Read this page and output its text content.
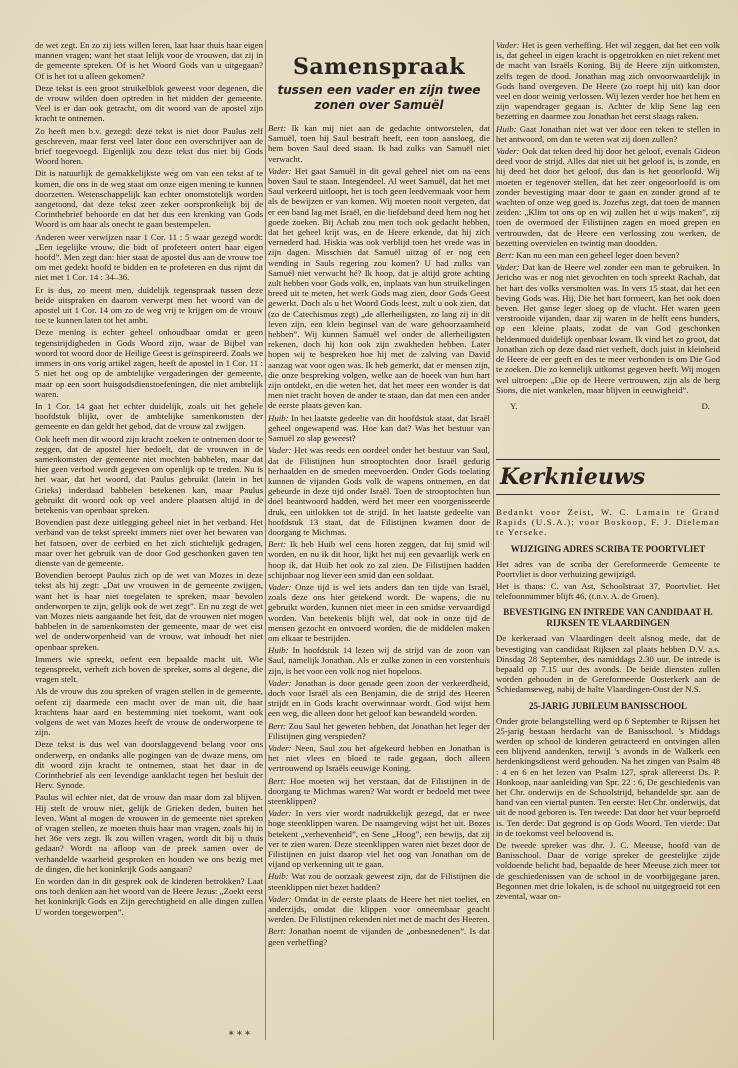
de wet zegt. En zo zij iets willen leren, laat haar thuis haar eigen mannen vragen; want het staat lelijk voor de vrouwen, dat zij in de gemeente spreken. Of is het Woord Gods van u uitgegaan? Of is het tot u alleen gekomen?

Deze tekst is een groot struikelblok geweest voor degenen, die de vrouw wilden doen optreden in het midden der gemeente. Veel is er dan ook getracht, om dit woord van de apostel zijn kracht te ontnemen.

Zo heeft men b.v. gezegd: deze tekst is niet door Paulus zelf geschreven, maar ferst veel later door een overschrijver aan de brief toegevoegd. Eigenlijk zou deze tekst dus niet bij Gods Woord horen.

Dit is natuurlijk de gemakkelijkste weg om van een tekst af te komen, die ons in de weg staat om onze eigen mening te kunnen doorzetten. Wetenschappelijk kan echter onomstotelijk worden aangetoond, dat deze tekst zeer zeker oorspronkelijk bij de Corinthebrief behoorde en dat het dus een krenking van Gods Woord is om haar als onecht te gaan bestempelen.

Anderen weer verwijzen naar 1 Cor. 11 : 5 waar gezegd wordt: „Een iegelijke vrouw, die bidt of profeteert ontert haar eigen hoofd”. Men zegt dan: hier staat de apostel dus aan de vrouw toe om met gedekt hoofd te bidden en te profeteren en dus rijmt dit niet met 1 Cor. 14 : 34–36.

Er is dus, zo meent men, duidelijk tegenspraak tussen deze beide uitspraken en daarom verwerpt men het woord van de apostel uit 1 Cor. 14 om zo de weg vrij te krijgen om de vrouw toe te kunnen laten tot het ambt.

Deze mening is echter geheel onhoudbaar omdat er geen tegenstrijdigheden in Gods Woord zijn, waar de Bijbel van woord tot woord door de Heilige Geest is geïnspireerd. Zoals we immers in ons vorig artikel zagen, heeft de apostel in 1 Cor. 11 : 5 niet het oog op de ambtelijke vergaderingen der gemeente, maar op een soort huisgodsdienstoefeningen, die niet ambtelijk waren.

In 1 Cor. 14 gaat het echter duidelijk, zoals uit het gehele hoofdstuk blijkt, over de ambtelijke samenkomsten der gemeente en dan geldt het gebod, dat de vrouw zal zwijgen.

Ook heeft men dit woord zijn kracht zoeken te ontnemen door te zeggen, dat de apostel hier bedoelt, dat de vrouwen in de samenkomsten der gemeente niet mochten babbelen, maar dat hier geen verbod wordt gegeven om openlijk op te treden. Nu is het waar, dat het woord, dat Paulus gebruikt (latein in het Grieks) inderdaad babbelen betekenen kan, maar Paulus gebruikt dit woord ook op veel andere plaatsen altijd in de betekenis van openbaar spreken.

Bovendien past deze uitlegging geheel niet in het verband. Het verband van de tekst spreekt immers niet over het bewaren van het fatsoen, over de eerbied en het zich stichtelijk gedragen, maar over het gebruik van de door God geschonken gaven ten dienste van de gemeente.

Bovendien beroept Paulus zich op de wet van Mozes in deze tekst als hij zegt: „Dat uw vrouwen in de gemeente zwijgen, want het is haar niet toegelaten te spreken, maar bevolen onderworpen te zijn, gelijk ook de wet zegt”. En nu zegt de wet van Mozes niets aangaande het feit, dat de vrouwen niet mogen babbelen in de samenkomsten der gemeente, maar de wet eist wel de onderworpenheid van de vrouw, wat inhoudt het niet openbaar spreken.

Immers wie spreekt, oefent een bepaalde macht uit. Wie tegenspreekt, verheft zich boven de spreker, soms al degene, die vragen stelt.

Als de vrouw dus zou spreken of vragen stellen in de gemeente, oefent zij daarmede een macht over de man uit, die haar krachtens haar aard en bestemming niet toekomt, want ook volgens de wet van Mozes heeft de vrouw de onderworpene te zijn.

Deze tekst is dus wel van doorslaggevend belang voor ons onderwerp, en ondanks alle pogingen van de dwaze mens, om dit woord zijn kracht te ontnemen, staat het daar in de Corinthebrief als een levendige aanklacht tegen het besluit der Herv. Synode.

Paulus wil echter niet, dat de vrouw dan maar dom zal blijven. Hij stelt de vrouw niet, gelijk de Grieken deden, buiten het leven. Want al mogen de vrouwen in de gemeente niet spreken of vragen stellen, ze moeten thuis haar man vragen, zoals hij in het 36e vers zegt. Ik zou willen vragen, wordt dit bij u thuis gedaan? Wordt na afloop van de preek samen over de verhandelde waarheid gesproken en houden we ons bezig met de dingen, die het koninkrijk Gods aangaan?

En worden dan in dit gesprek ook de kinderen betrokken? Laat ons toch denken aan het woord van de Heere Jezus: „Zoekt eerst het koninkrijk Gods en Zijn gerechtigheid en alle dingen zullen U worden toegeworpen”.

Samenspraak
tussen een vader en zijn twee zonen over Samuël

Bert: Ik kan mij niet aan de gedachte ontworstelen, dat Samuël, toen hij Saul bestraft heeft, een toon aansloeg, die hem boven Saul deed staan. Ik had zulks van Samuël niet verwacht.

Vader: Het gaat Samuël in dit geval geheel niet om na eens boven Saul te staan. Integendeel. Al weet Samuël, dat het met Saul verkeerd uitloopt, het is toch geen leedvermaak voor hem als de bewijzen er van komen. Wij moeten nooit vergeten, dat er een band lag met Israël, en die liefdeband deed hem nog het goede zoeken. Bij Achab zou men toch ook gedacht hebben, dat het geheel krijt was, en de Heere erkende, dat hij zich vernederd had. Hiskia was ook verblijd toen het vrede was in zijn dagen. Misschien dat Samuël uitzag of er nog een wending in Sauls regering zou komen? U had zulks van Samuël niet verwacht hé? Ik hoop, dat je altijd grote achting zult hebben voor Gods volk, en, inplaats van hun struikelingen breed uit te meten, het werk Gods mag zien, door Gods Geest gewerkt. Doch als u het Woord Gods leest, zult u ook zien, dat (zo de Catechismus zegt) „de allerheiligsten, zo lang zij in dit leven zijn, een klein beginsel van de ware gehoorzaamheid hebben”. Wij kunnen Samuël wel onder de allerheiligsten rekenen, doch hij kon ook zijn zwakheden hebben. Later hopen wij te bespreken hoe hij met de zalving van David aanzag wat voor ogen was. Ik heb gemerkt, dat er mensen zijn, die onze bespreking volgen, welke aan de hoeek van hun hart zijn ontdekt, en die weten het, dat het meer een wonder is dat men niet tracht boven de ander te staan, dan dat men een ander de eerste plaats geven kan.

Huib: In het laatste gedeelte van dit hoofdstuk staat, dat Israël geheel ongewapend was. Hoe kan dat? Was het bestuur van Samuël zo slap geweest?

Vader: Het was reeds een oordeel onder het bestuur van Saul, dat de Filistijnen hun strooptochten door Israël gedurig herhaalden en de smeden meevoerden. Onder Gods toelating kunnen de vijanden Gods volk de wapens ontnemen, en dat gebeurde in deze tijd onder Israël. Toen de strooptochten hun doel beantwoord hadden, werd het meer een voorgenisseerde druk, een uitlokken tot de strijd. In het laatste gedeelte van hoofdstuk 13 staat, dat de Filistijnen kwamen door de doorgang te Michmas.

Bert: Ik heb Huib wel eens horen zeggen, dat hij smid wil worden, en nu ik dit hoor, lijkt het mij een gevaarlijk werk en hoop ik, dat Huib het ook zo zal zien. De Filistijnen hadden schijnbaar nog liever een smid dan een soldaat.

Vader: Onze tijd is wel iets anders dan ten tijde van Israël, zoals deze ons hier getekend wordt. De wapens, die nu gebruikt worden, kunnen niet meer in een smidse vervaardigd worden. Van betekenis blijft wel, dat ook in onze tijd de mensen gezocht en ontvoerd worden, die de middelen maken om elkaar te bestrijden.

Huib: In hoofdstuk 14 lezen wij de strijd van de zoon van Saul, namelijk Jonathan. Als er zulke zonen in een vorstenhuis zijn, is het voor een volk nog niet hopeloos.

Vader: Jonathan is door genade geen zoon der verkeerdheid, doch voor Israël als een Benjamin, die de strijd des Heeren strijdt en in Gods kracht overwinnaar wordt. God wijst hem een weg, die alleen door het geloof kan bewandeld worden.

Bert: Zou Saul het geweten hebben, dat Jonathan het leger der Filistijnen ging verspieden?

Vader: Neen, Saul zou het afgekeurd hebben en Jonathan is het niet vlees en bloed te rade gegaan, doch alleen vertrouwend op Israëls eeuwige Koning.

Bert: Hoe moeten wij het verstaan, dat de Filistijnen in de doorgang te Michmas waren? Wat wordt er bedoeld met twee steenklippen?

Vader: In vers vier wordt nadrukkelijk gezegd, dat er twee hoge steenklippen waren. De naamgeving wijst het uit. Bozes betekent „verhevenheid”, en Sene „Hoog”, een bewijs, dat zij ver te zien waren. Deze steenklippen waren niet bezet door de Filistijnen en juist daarop viel het oog van Jonathan om de vijand op verkenning uit te gaan.

Huib: Wat zou de oorzaak geweest zijn, dat de Filistijnen die steenklippen niet bezet hadden?

Vader: Omdat in de eerste plaats de Heere het niet toeliet, en anderzijds, omdat die klippen voor onneembaar geacht werden. De Filistijnen rekenden niet met de macht des Heeren.

Bert: Jonathan noemt de vijanden de „onbesnedenen”. Is dat geen verheffing?

Vader: Het is geen verheffing. Het wil zeggen, dat het een volk is, dat geheel in eigen kracht is opgetrokken en niet rekent met de macht van Israëls Koning. Bij de Heere zijn uitkomsten, zelfs tegen de dood. Jonathan mag zich onvoorwaardelijk in Gods hand overgeven. De Heere (zo roept hij uit) kan door veel en door weinig verlossen. Wij lezen verder hoe het hem en zijn wapendrager gegaan is. Achter de klip Sene lag een bezetting en daarmee zou Jonathan het eerst slaags raken.

Huib: Gaat Jonathan niet wat ver door een teken te stellen in het antwoord, om dan te weten wat zij doen zullen?

Vader: Ook dat teken deed hij door het geloof, evenals Gideon deed voor de strijd. Alles dat niet uit het geloof is, is zonde, en hij deed het door het geloof, dus dan is het geoorloofd. Wij moeten er tegenover stellen, dat het zeer ongeoorloofd is om zonder bevestiging maar door te gaan en zonder grond af te wachten of onze weg goed is. Jozefus zegt, dat toen de mannen zeiden: „Klim tot ons op en wij zullen het u wijs maken”, zij toen de overmoed der Filistijnen zagen en moed grepen en vertrouwden, dat de Heere een verlossing zou werken, de bezetting overvielen en twintig man doodden.

Bert: Kan nu een man een geheel leger doen beven?

Vader: Dat kan de Heere wel zonder een man te gebruiken. In Jericho was er nog niet gevochten en toch spreekt Rachab, dat het hart des volks versmolten was. In vers 15 staat, dat het een beving Gods was. Hij, Die het hart formeert, kan het ook doen beven. Het ganse leger sloeg op de vlucht. Het waren geen verstrooide vijanden, daar zij waren in de helft eens bunders, op een kleine plaats, zodat de van God geschonken heldenmoed duidelijk openbaar kwam. Ik vind het zo groot, dat Jonathan zich op deze daad niet verheft, doch juist in kleinheid de Heere de eer geeft en des te meer verbonden is om Die God te zoeken. Die zo kennelijk uitkomst gegeven heeft. Wij mogen wel uitroepen: „Die op de Heere vertrouwen, zijn als de berg Sions, die niet wankelen, maar blijven in eeuwigheid”.

Y.	D.
Kerknieuws

Bedankt voor Zeist, W. C. Lamain te Grand Rapids (U.S.A.); voor Boskoop, F. J. Dieleman te Yerseke.

WIJZIGING ADRES SCRIBA TE POORTVLIET

Het adres van de scriba der Gereformeerde Gemeente te Poortvliet is door verhuizing gewijzigd.

Het is thans: C. van Ast, Schoolstraat 37, Poortvliet. Het telefoonnummer blijft 46, (t.n.v. A. de Groen).

BEVESTIGING EN INTREDE VAN CANDIDAAT H. RIJKSEN TE VLAARDINGEN

De kerkeraad van Vlaardingen deelt alsnog mede, dat de bevestiging van candidaat Rijksen zal plaats hebben D.V. a.s. Dinsdag 28 September, des namiddags 2.30 uur. De intrede is bepaald op 7.15 uur des avonds. De beide diensten zullen worden gehouden in de Gereformeerde Oosterkerk aan de Schiedamseweg, nabij de halte Vlaardingen-Oost der N.S.

25-JARIG JUBILEUM BANISSCHOOL

Onder grote belangstelling werd op 6 September te Rijssen het 25-jarig bestaan herdacht van de Banisschool. 's Middags werden op school de kinderen getracteerd en ontvingen allen een blijvend aandenken, terwijl 's avonds in de Walkerk een herdenkingsdienst werd gehouden. Na het zingen van Psalm 48 : 4 en 6 en het lezen van Psalm 127, sprak allereerst Ds. P. Honkoop, naar aanleiding van Spr. 22 : 6, De geschiedenis van het Chr. onderwijs en de Schoolstrijd, behandelde spr. aan de hand van een viertal punten. Ten eerste: Het Chr. onderwijs, dat uit de nood geboren is. Ten tweede: Dat door het vuur beproefd is. Ten derde: Dat gegrond is op Gods Woord. Ten vierde: Dat in de toekomst veel beloovend is.

De tweede spreker was dhr. J. C. Meeuse, hoofd van de Banisschool. Daar de vorige spreker de geestelijke zijde voldoende belicht had, bepaalde de heer Meeuse zich meer tot de geschiedenissen van de school in de voorbijgegane jaren. Begonnen met drie lokalen, is de school nu uitgegroeid tot een zevental, waar on-

* * *
